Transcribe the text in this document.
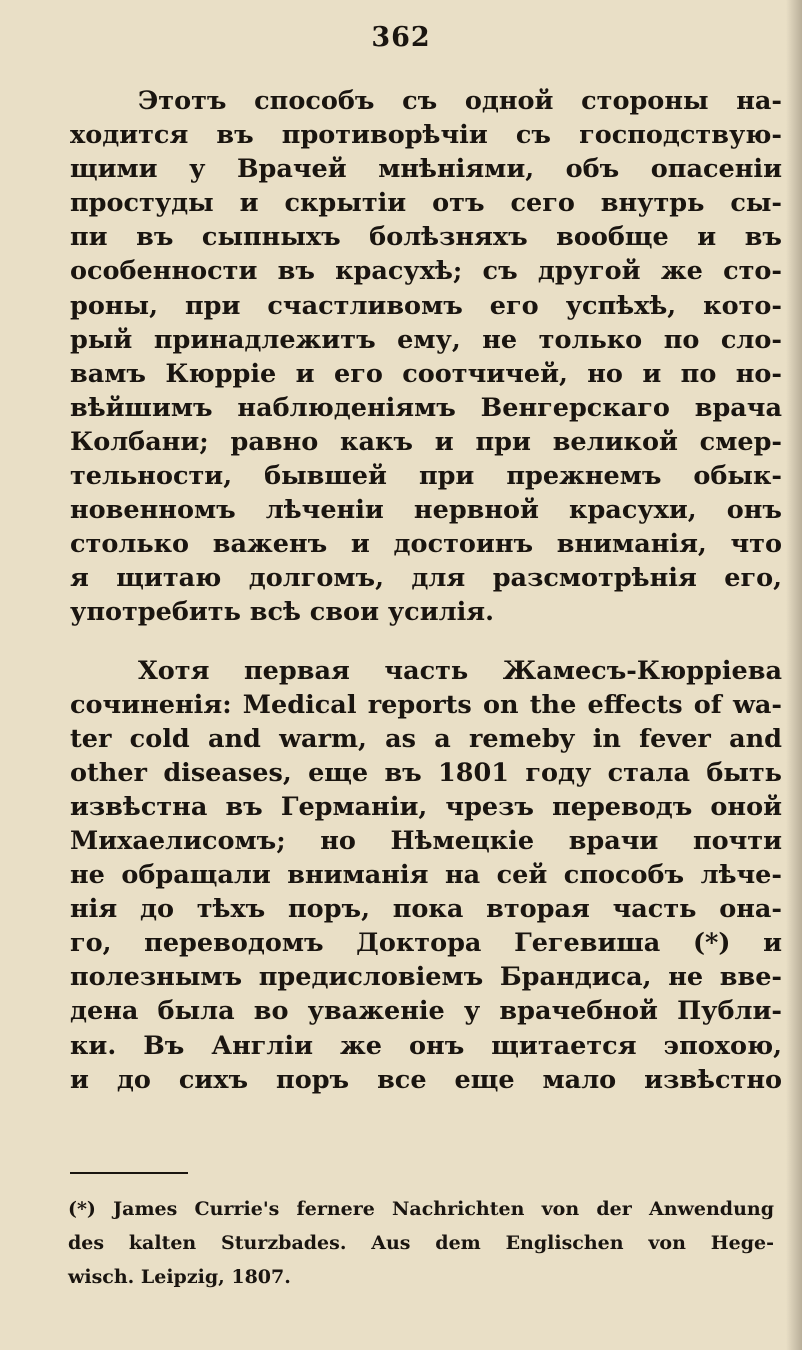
362
Этотъ способъ съ одной стороны на-
ходится въ противорѣчіи съ господствую-
щими у Врачей мнѣніями, объ опасеніи
простуды и скрытіи отъ сего внутрь сы-
пи въ сыпныхъ болѣзняхъ вообще и въ
особенности въ красухѣ; съ другой же сто-
роны, при счастливомъ его успѣхѣ, кото-
рый принадлежитъ ему, не только по сло-
вамъ Кюрріе и его соотчичей, но и по но-
вѣйшимъ наблюденіямъ Венгерскаго врача
Колбани; равно какъ и при великой смер-
тельности, бывшей при прежнемъ обык-
новенномъ лѣченіи нервной красухи, онъ
столько важенъ и достоинъ вниманія, что
я щитаю долгомъ, для разсмотрѣнія его,
употребить всѣ свои усилія.
Хотя первая часть Жамесъ-Кюрріева
сочиненія: Medical reports on the effects of wa-
ter cold and warm, as a remeby in fever and
other diseases, еще въ 1801 году стала быть
извѣстна въ Германіи, чрезъ переводъ оной
Михаелисомъ; но Нѣмецкіе врачи почти
не обращали вниманія на сей способъ лѣче-
нія до тѣхъ поръ, пока вторая часть она-
го, переводомъ Доктора Гегевиша (*) и
полезнымъ предисловіемъ Брандиса, не вве-
дена была во уваженіе у врачебной Публи-
ки. Въ Англіи же онъ щитается эпохою,
и до сихъ поръ все еще мало извѣстно
(*) James Currie's fernere Nachrichten von der Anwendung
des kalten Sturzbades. Aus dem Englischen von Hege-
wisch. Leipzig, 1807.
